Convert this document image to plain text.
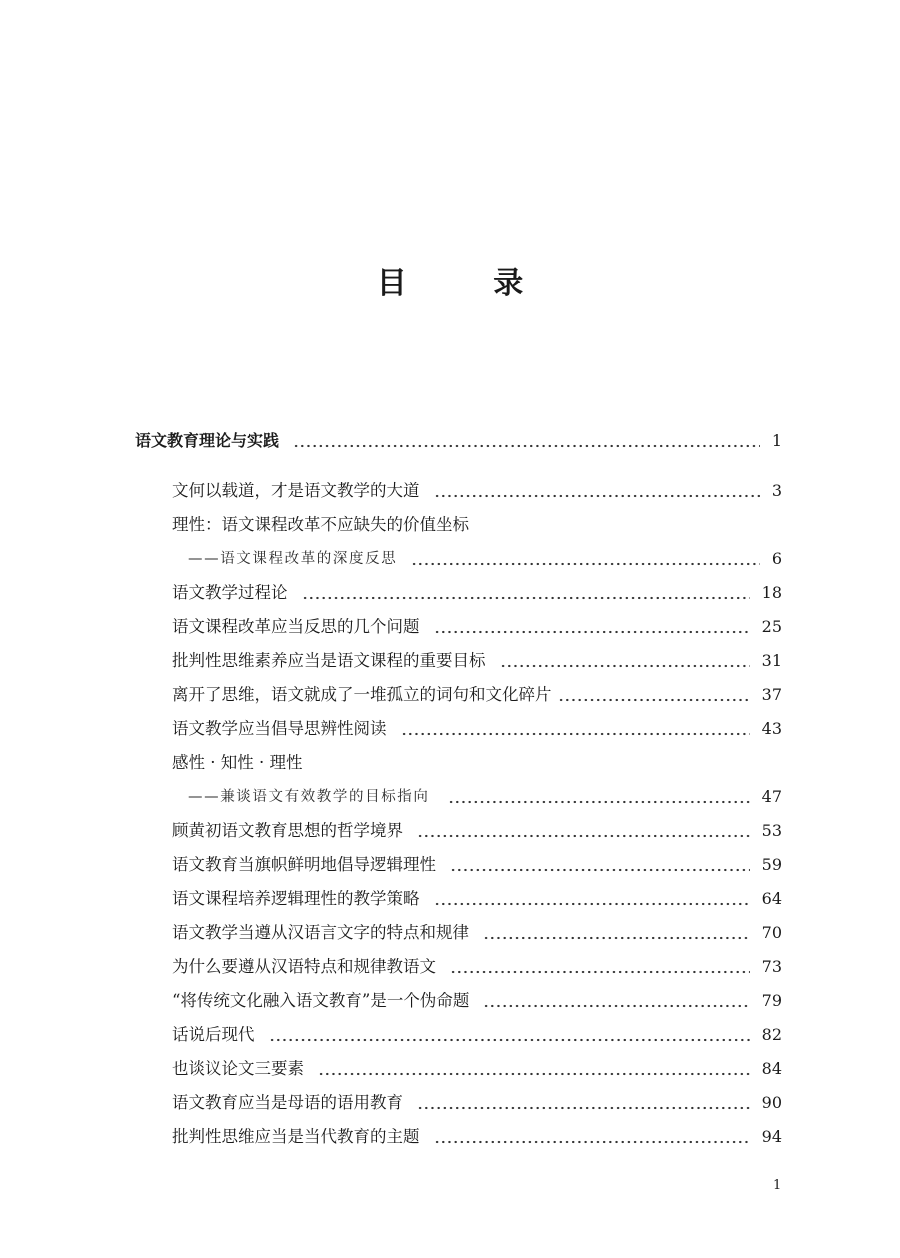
目 录
语文教育理论与实践	1
文何以载道，才是语文教学的大道	3
理性：语文课程改革不应缺失的价值坐标
——语文课程改革的深度反思	6
语文教学过程论	18
语文课程改革应当反思的几个问题	25
批判性思维素养应当是语文课程的重要目标	31
离开了思维，语文就成了一堆孤立的词句和文化碎片	37
语文教学应当倡导思辨性阅读	43
感性 · 知性 · 理性
——兼谈语文有效教学的目标指向	47
顾黄初语文教育思想的哲学境界	53
语文教育当旗帜鲜明地倡导逻辑理性	59
语文课程培养逻辑理性的教学策略	64
语文教学当遵从汉语言文字的特点和规律	70
为什么要遵从汉语特点和规律教语文	73
“将传统文化融入语文教育”是一个伪命题	79
话说后现代	82
也谈议论文三要素	84
语文教育应当是母语的语用教育	90
批判性思维应当是当代教育的主题	94
1
